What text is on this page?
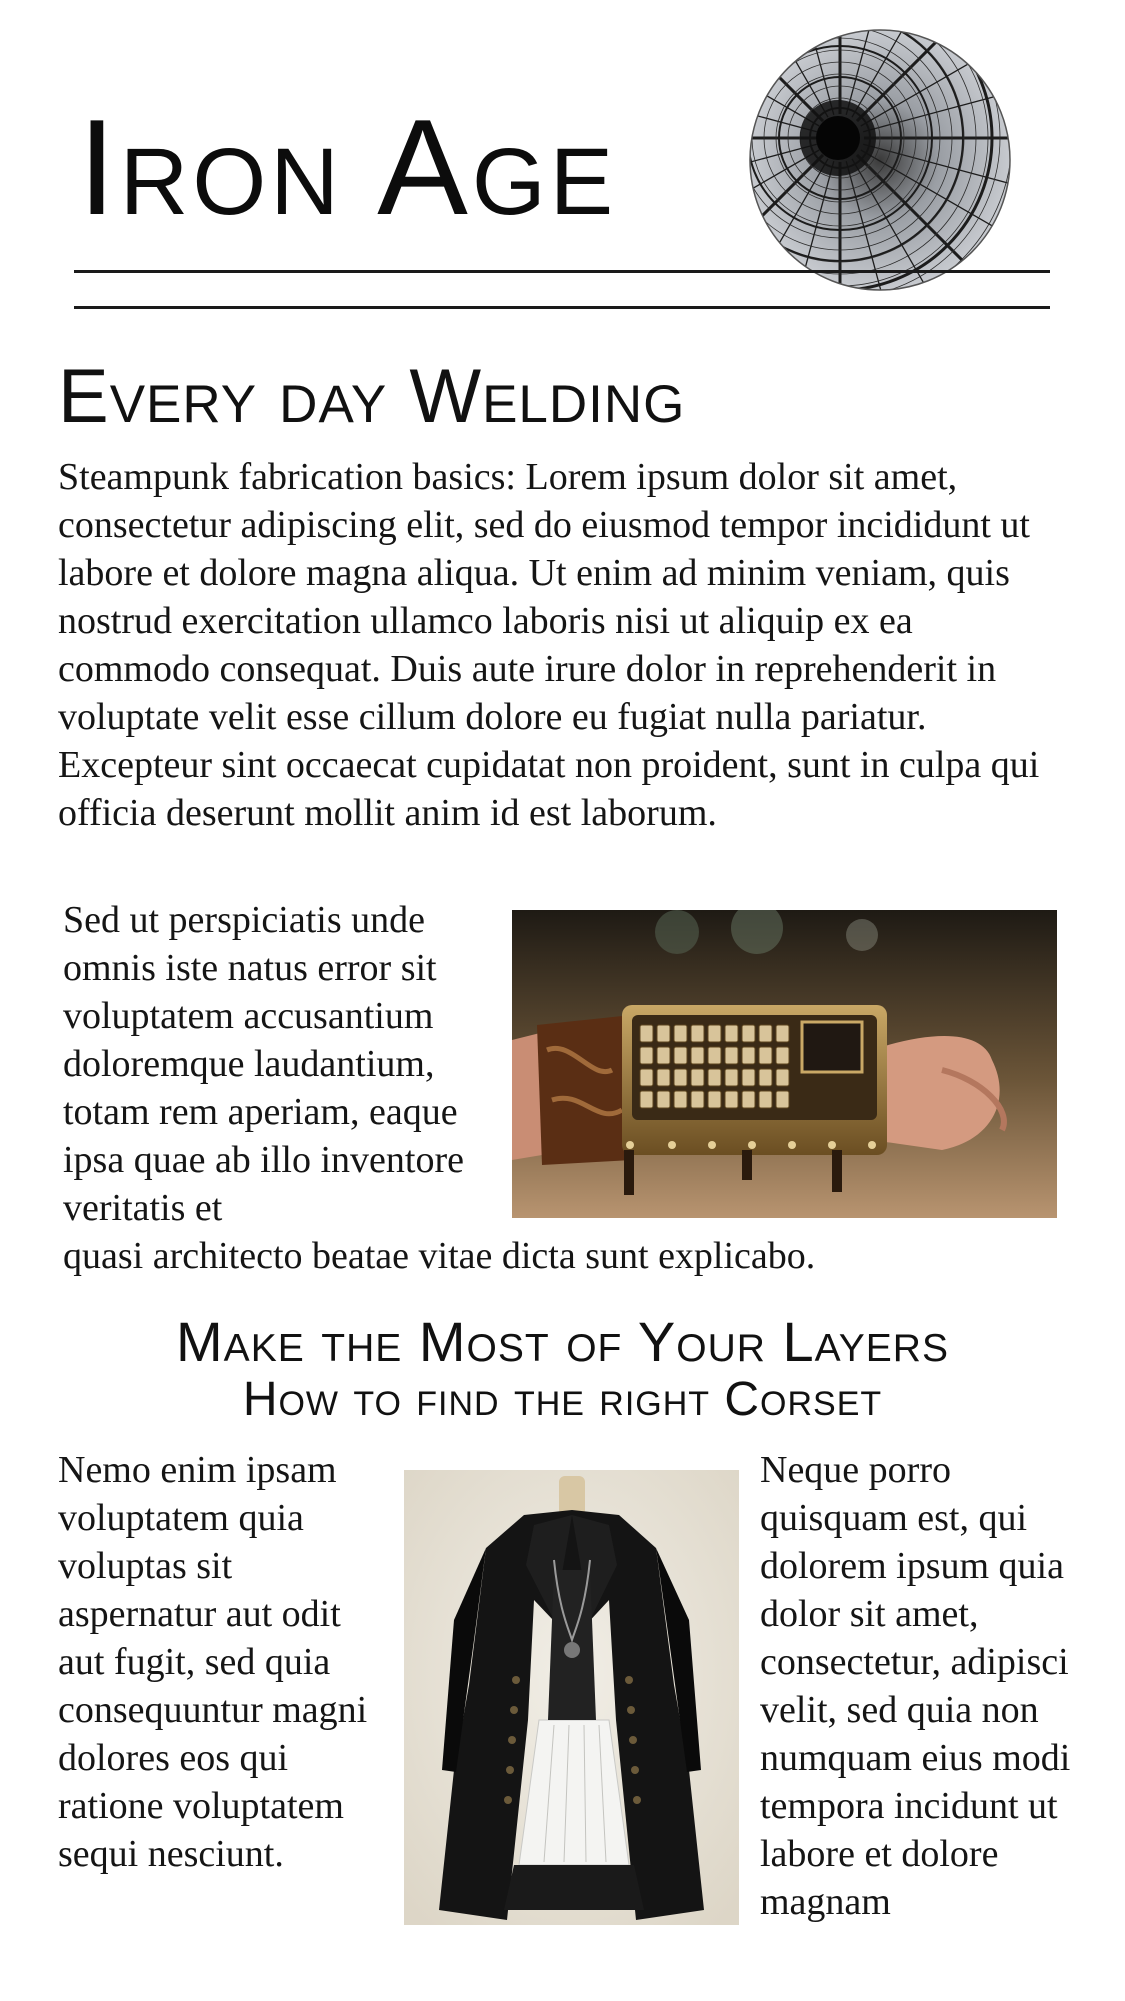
Iron Age
Every day Welding

Steampunk fabrication basics: Lorem ipsum dolor sit amet, consectetur adipiscing elit, sed do eiusmod tempor incididunt ut labore et dolore magna aliqua. Ut enim ad minim veniam, quis nostrud exercitation ullamco laboris nisi ut aliquip ex ea commodo consequat. Duis aute irure dolor in reprehenderit in voluptate velit esse cillum dolore eu fugiat nulla pariatur. Excepteur sint occaecat cupidatat non proident, sunt in culpa qui officia deserunt mollit anim id est laborum.

Sed ut perspiciatis unde omnis iste natus error sit voluptatem accusantium doloremque laudantium, totam rem aperiam, eaque ipsa quae ab illo inventore veritatis et

quasi architecto beatae vitae dicta sunt explicabo.

Make the Most of Your Layers
How to find the right Corset

Nemo enim ipsam voluptatem quia voluptas sit aspernatur aut odit aut fugit, sed quia consequuntur magni dolores eos qui ratione voluptatem sequi nesciunt.

Neque porro quisquam est, qui dolorem ipsum quia dolor sit amet, consectetur, adipisci velit, sed quia non numquam eius modi tempora incidunt ut labore et dolore magnam
